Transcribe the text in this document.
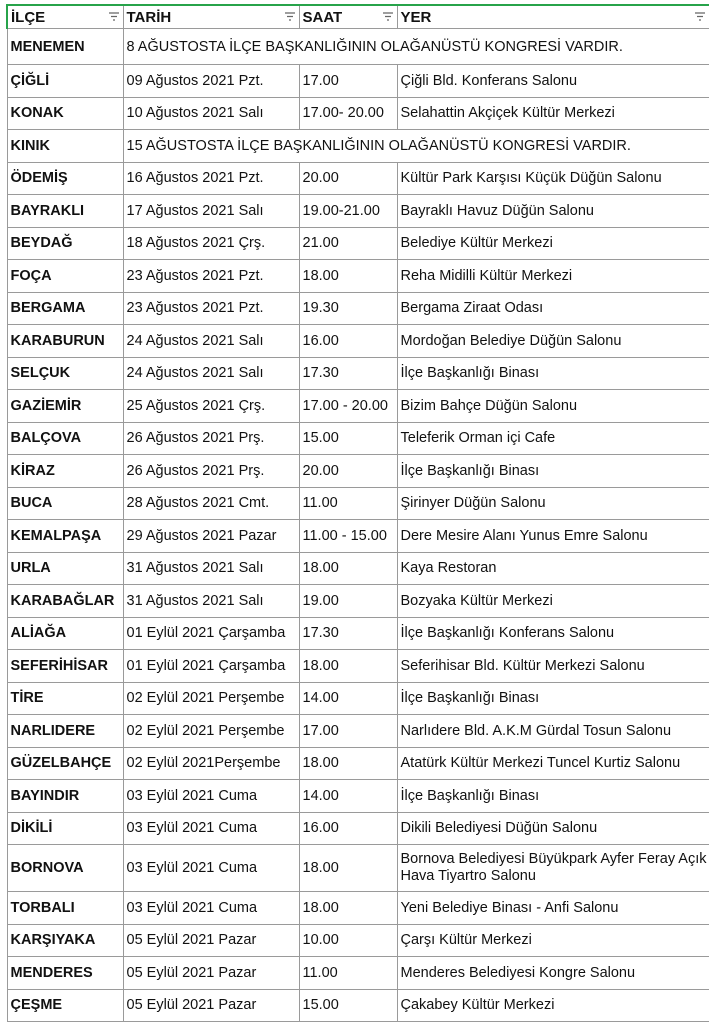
İLÇE	TARİH	SAAT	YER

MENEMEN	8 AĞUSTOSTA İLÇE BAŞKANLIĞININ OLAĞANÜSTÜ KONGRESİ VARDIR.		
ÇİĞLİ	09 Ağustos 2021 Pzt.	17.00	Çiğli Bld. Konferans Salonu
KONAK	10 Ağustos 2021 Salı	17.00- 20.00	Selahattin Akçiçek Kültür Merkezi
KINIK	15 AĞUSTOSTA İLÇE BAŞKANLIĞININ OLAĞANÜSTÜ KONGRESİ VARDIR.		
ÖDEMİŞ	16 Ağustos 2021 Pzt.	20.00	Kültür Park Karşısı Küçük Düğün Salonu
BAYRAKLI	17 Ağustos 2021 Salı	19.00-21.00	Bayraklı Havuz Düğün Salonu
BEYDAĞ	18 Ağustos 2021 Çrş.	21.00	Belediye Kültür Merkezi
FOÇA	23 Ağustos 2021 Pzt.	18.00	Reha Midilli Kültür Merkezi
BERGAMA	23 Ağustos 2021 Pzt.	19.30	Bergama Ziraat Odası
KARABURUN	24 Ağustos 2021 Salı	16.00	Mordoğan Belediye Düğün Salonu
SELÇUK	24 Ağustos 2021 Salı	17.30	İlçe Başkanlığı Binası
GAZİEMİR	25 Ağustos 2021 Çrş.	17.00 - 20.00	Bizim Bahçe Düğün Salonu
BALÇOVA	26 Ağustos 2021 Prş.	15.00	Teleferik Orman içi Cafe
KİRAZ	26 Ağustos 2021 Prş.	20.00	İlçe Başkanlığı Binası
BUCA	28 Ağustos 2021 Cmt.	11.00	Şirinyer Düğün Salonu
KEMALPAŞA	29 Ağustos 2021 Pazar	11.00 - 15.00	Dere Mesire Alanı Yunus Emre Salonu
URLA	31 Ağustos 2021 Salı	18.00	Kaya Restoran
KARABAĞLAR	31 Ağustos 2021 Salı	19.00	Bozyaka Kültür Merkezi
ALİAĞA	01 Eylül 2021 Çarşamba	17.30	İlçe Başkanlığı Konferans Salonu
SEFERİHİSAR	01 Eylül 2021 Çarşamba	18.00	Seferihisar Bld. Kültür Merkezi Salonu
TİRE	02 Eylül 2021 Perşembe	14.00	İlçe Başkanlığı Binası
NARLIDERE	02 Eylül 2021 Perşembe	17.00	Narlıdere Bld. A.K.M Gürdal Tosun Salonu
GÜZELBAHÇE	02 Eylül 2021Perşembe	18.00	Atatürk Kültür Merkezi Tuncel Kurtiz Salonu
BAYINDIR	03 Eylül 2021 Cuma	14.00	İlçe Başkanlığı Binası
DİKİLİ	03 Eylül 2021 Cuma	16.00	Dikili Belediyesi Düğün Salonu
BORNOVA	03 Eylül 2021 Cuma	18.00	Bornova Belediyesi Büyükpark Ayfer Feray Açık Hava Tiyartro Salonu
TORBALI	03 Eylül 2021 Cuma	18.00	Yeni Belediye Binası - Anfi Salonu
KARŞIYAKA	05 Eylül 2021 Pazar	10.00	Çarşı Kültür Merkezi
MENDERES	05 Eylül 2021 Pazar	11.00	Menderes Belediyesi Kongre Salonu
ÇEŞME	05 Eylül 2021 Pazar	15.00	Çakabey Kültür Merkezi
